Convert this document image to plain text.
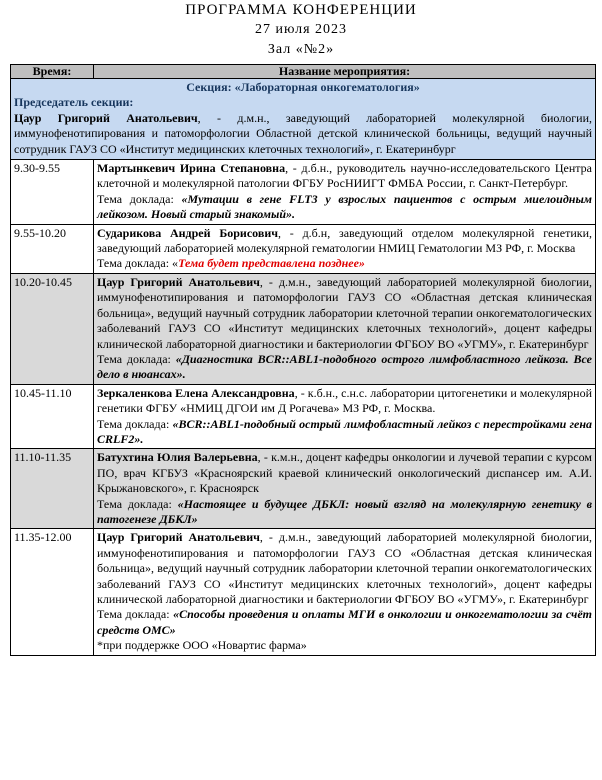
ПРОГРАММА КОНФЕРЕНЦИИ
27 июля 2023
Зал «№2»
Время:	Название мероприятия:

Секция: «Лабораторная онкогематология»
Председатель секции:
Цаур Григорий Анатольевич, - д.м.н., заведующий лабораторией молекулярной биологии, иммунофенотипирования и патоморфологии Областной детской клинической больницы, ведущий научный сотрудник ГАУЗ СО «Институт медицинских клеточных технологий», г. Екатеринбург	

9.30-9.55	Мартынкевич Ирина Степановна, - д.б.н., руководитель научно-исследовательского Центра клеточной и молекулярной патологии ФГБУ РосНИИГТ ФМБА России, г. Санкт-Петербург.
Тема доклада: «Мутации в гене FLT3 у взрослых пациентов с острым миелоидным лейкозом. Новый старый знакомый».

9.55-10.20	Сударикова Андрей Борисович, - д.б.н, заведующий отделом молекулярной генетики, заведующий лабораторией молекулярной гематологии НМИЦ Гематологии МЗ РФ, г. Москва
Тема доклада: «Тема будет представлена позднее»

10.20-10.45	Цаур Григорий Анатольевич, - д.м.н., заведующий лабораторией молекулярной биологии, иммунофенотипирования и патоморфологии ГАУЗ СО «Областная детская клиническая больница», ведущий научный сотрудник лаборатории клеточной терапии онкогематологических заболеваний ГАУЗ СО «Институт медицинских клеточных технологий», доцент кафедры клинической лабораторной диагностики и бактериологии ФГБОУ ВО «УГМУ», г. Екатеринбург
Тема доклада: «Диагностика BCR::ABL1-подобного острого лимфобластного лейкоза. Все дело в нюансах».

10.45-11.10	Зеркаленкова Елена Александровна, - к.б.н., с.н.с. лаборатории цитогенетики и молекулярной генетики ФГБУ «НМИЦ ДГОИ им Д Рогачева» МЗ РФ, г. Москва.
Тема доклада: «BCR::ABL1-подобный острый лимфобластный лейкоз с перестройками гена CRLF2».

11.10-11.35	Батухтина Юлия Валерьевна, - к.м.н., доцент кафедры онкологии и лучевой терапии с курсом ПО, врач КГБУЗ «Красноярский краевой клинический онкологический диспансер им. А.И. Крыжановского», г. Красноярск
Тема доклада: «Настоящее и будущее ДБКЛ: новый взгляд на молекулярную генетику в патогенезе ДБКЛ»

11.35-12.00	Цаур Григорий Анатольевич, - д.м.н., заведующий лабораторией молекулярной биологии, иммунофенотипирования и патоморфологии ГАУЗ СО «Областная детская клиническая больница», ведущий научный сотрудник лаборатории клеточной терапии онкогематологических заболеваний ГАУЗ СО «Институт медицинских клеточных технологий», доцент кафедры клинической лабораторной диагностики и бактериологии ФГБОУ ВО «УГМУ», г. Екатеринбург
Тема доклада: «Способы проведения и оплаты МГИ в онкологии и онкогематологии за счёт средств ОМС»
*при поддержке ООО «Новартис фарма»
